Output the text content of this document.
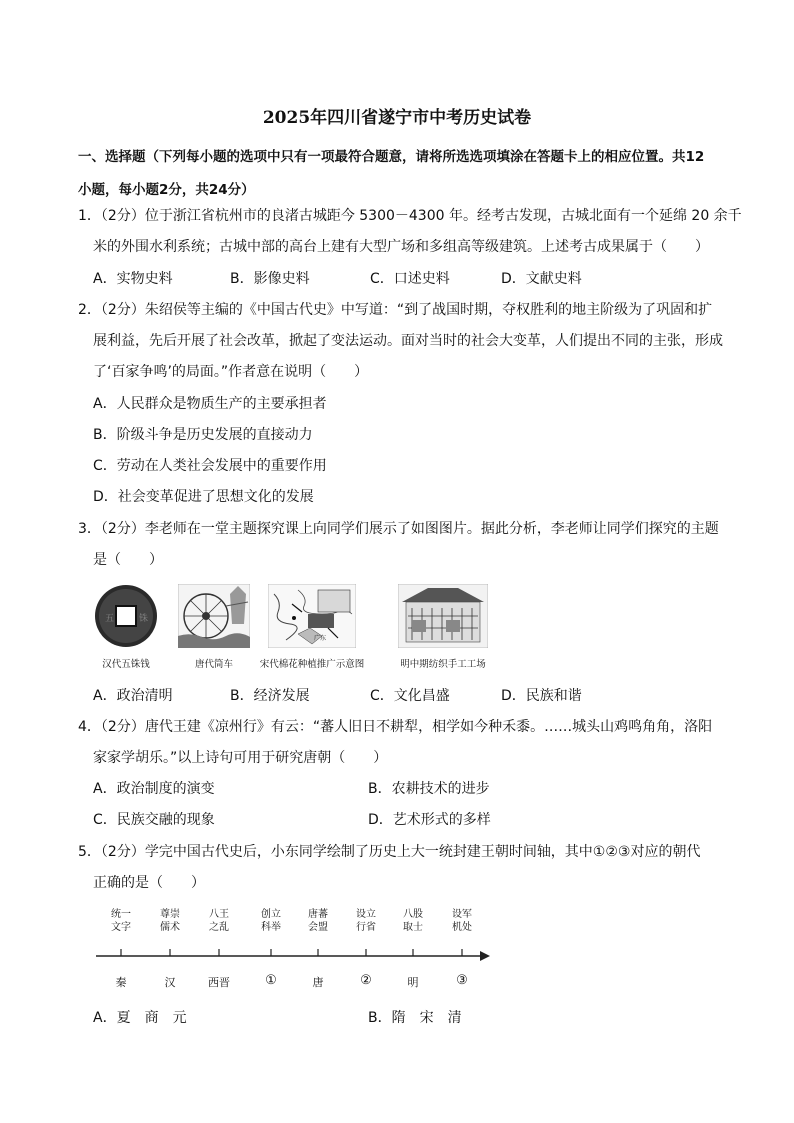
2025年四川省遂宁市中考历史试卷
一、选择题（下列每小题的选项中只有一项最符合题意，请将所选选项填涂在答题卡上的相应位置。共12
小题，每小题2分，共24分）
1．（2分）位于浙江省杭州市的良渚古城距今 5300－4300 年。经考古发现，古城北面有一个延绵 20 余千
米的外围水利系统；古城中部的高台上建有大型广场和多组高等级建筑。上述考古成果属于（　　）
A．实物史料	B．影像史料	C．口述史料	D．文献史料
2．（2分）朱绍侯等主编的《中国古代史》中写道：“到了战国时期，夺权胜利的地主阶级为了巩固和扩
展利益，先后开展了社会改革，掀起了变法运动。面对当时的社会大变革，人们提出不同的主张，形成
了‘百家争鸣’的局面。”作者意在说明（　　）
A．人民群众是物质生产的主要承担者
B．阶级斗争是历史发展的直接动力
C．劳动在人类社会发展中的重要作用
D．社会变革促进了思想文化的发展
3．（2分）李老师在一堂主题探究课上向同学们展示了如图图片。据此分析，李老师让同学们探究的主题
是（　　）
五	铢
广东
汉代五铢钱	唐代筒车	宋代棉花种植推广示意图	明中期纺织手工工场
A．政治清明	B．经济发展	C．文化昌盛	D．民族和谐
4．（2分）唐代王建《凉州行》有云：“蕃人旧日不耕犁，相学如今种禾黍。……城头山鸡鸣角角，洛阳
家家学胡乐。”以上诗句可用于研究唐朝（　　）
A．政治制度的演变	B．农耕技术的进步
C．民族交融的现象	D．艺术形式的多样
5．（2分）学完中国古代史后，小东同学绘制了历史上大一统封建王朝时间轴，其中①②③对应的朝代
正确的是（　　）
统一
文字
尊崇
儒术
八王
之乱
创立
科举
唐蕃
会盟
设立
行省
八股
取士
设军
机处
秦	汉	西晋	①	唐	②	明	③
A．夏　商　元	B．隋　宋　清
